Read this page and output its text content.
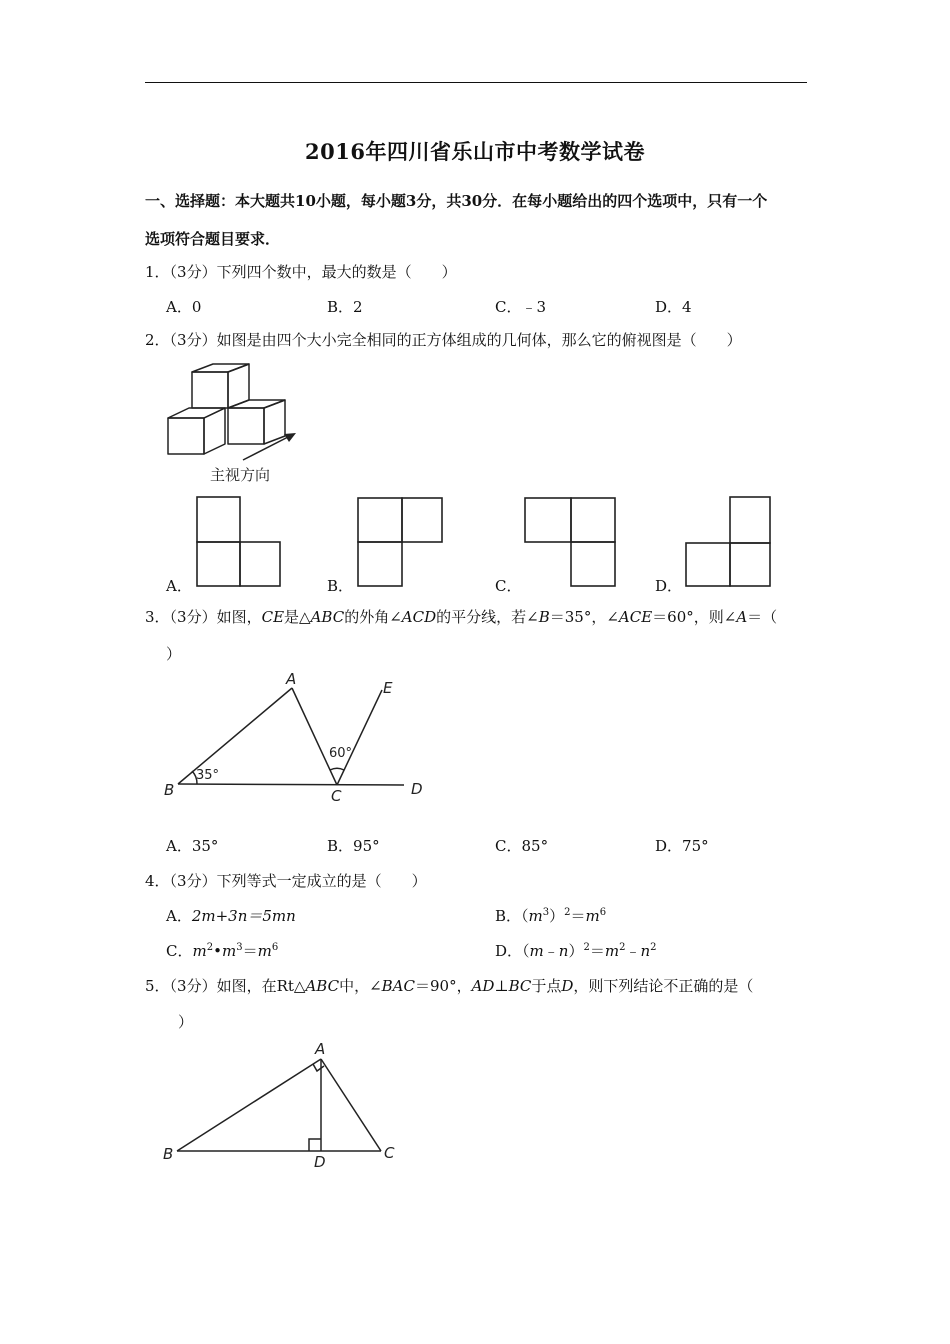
2016年四川省乐山市中考数学试卷
一、选择题：本大题共10小题，每小题3分，共30分．在每小题给出的四个选项中，只有一个
选项符合题目要求．
1．（3分）下列四个数中，最大的数是（　　）
A．0	B．2	C．﹣3	D．4
2．（3分）如图是由四个大小完全相同的正方体组成的几何体，那么它的俯视图是（　　）
主视方向
A．	B．	C．	D．
3．（3分）如图，CE是△ABC的外角∠ACD的平分线，若∠B＝35°，∠ACE＝60°，则∠A＝（
）
A
B	C	D
E
35°
60°
A．35°	B．95°	C．85°	D．75°
4．（3分）下列等式一定成立的是（　　）
A．2m+3n＝5mn	B．$(m^3)^2=m^6$
C．$m^2•m^3=m^6$	D．$(m﹣n)^2=m^2﹣n^2$
5．（3分）如图，在Rt△ABC中，∠BAC＝90°，AD⊥BC于点D，则下列结论不正确的是（
）
A
B	C
D
